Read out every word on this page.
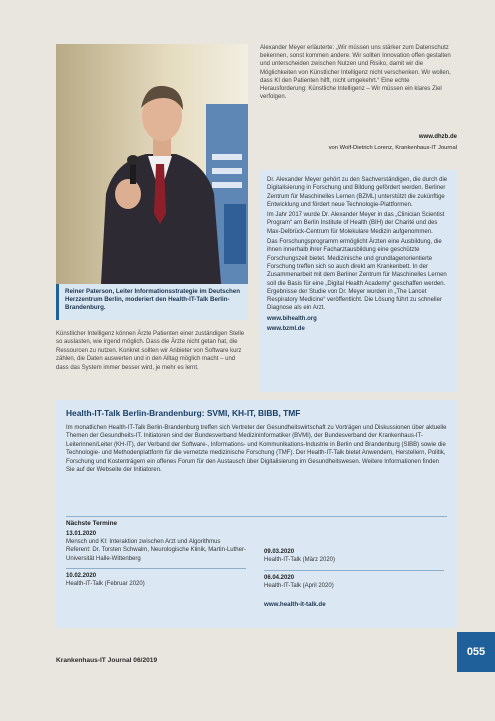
Reiner Paterson, Leiter Informationsstrategie im Deutschen Herzzentrum Berlin, moderiert den Health-IT-Talk Berlin-Brandenburg.

Künstlicher Intelligenz können Ärzte Patienten einer zuständigen Stelle so auslasten, wie irgend möglich. Dass die Ärzte nicht getan hat, die Ressourcen zu nutzen. Konkret sollten wir Anbieter von Software kurz zählen, die Daten auswerten und in den Alltag möglich macht – und dass das System immer besser wird, je mehr es lernt.
Alexander Meyer erläuterte: „Wir müssen uns stärker zum Datenschutz bekennen, sonst kommen andere. Wir sollten Innovation offen gestalten und unterscheiden zwischen Nutzen und Risiko, damit wir die Möglichkeiten von Künstlicher Intelligenz nicht verschenken. Wir wollen, dass KI den Patienten hilft, nicht umgekehrt.“ Eine echte Herausforderung: Künstliche Intelligenz – Wir müssen ein klares Ziel verfolgen.
www.dhzb.de
von Wolf-Dietrich Lorenz, Krankenhaus-IT Journal

Dr. Alexander Meyer gehört zu den Sachverständigen, die durch die Digitalisierung in Forschung und Bildung gefördert werden. Berliner Zentrum für Maschinelles Lernen (BZML) unterstützt die zukünftige Entwicklung und fördert neue Technologie-Plattformen.

Im Jahr 2017 wurde Dr. Alexander Meyer in das „Clinician Scientist Program“ am Berlin Institute of Health (BIH) der Charité und des Max-Delbrück-Centrum für Molekulare Medizin aufgenommen.

Das Forschungsprogramm ermöglicht Ärzten eine Ausbildung, die ihnen innerhalb ihrer Facharztausbildung eine geschützte Forschungszeit bietet. Medizinische und grundlagenorientierte Forschung treffen sich so auch direkt am Krankenbett. In der Zusammenarbeit mit dem Berliner Zentrum für Maschinelles Lernen soll die Basis für eine „Digital Health Academy“ geschaffen werden. Ergebnisse der Studie von Dr. Meyer wurden in „The Lancet Respiratory Medicine“ veröffentlicht. Die Lösung führt zu schneller Diagnose als ein Arzt.

www.bihealth.org

www.bzml.de

Health-IT-Talk Berlin-Brandenburg: SVMI, KH-IT, BIBB, TMF

Im monatlichen Health-IT-Talk Berlin-Brandenburg treffen sich Vertreter der Gesundheitswirtschaft zu Vorträgen und Diskussionen über aktuelle Themen der Gesundheits-IT. Initiatoren sind der Bundesverband Medizininformatiker (BVMI), der Bundesverband der Krankenhaus-IT-Leiterinnen/Leiter (KH-IT), der Verband der Software-, Informations- und Kommunikations-Industrie in Berlin und Brandenburg (SIBB) sowie die Technologie- und Methodenplattform für die vernetzte medizinische Forschung (TMF). Der Health-IT-Talk bietet Anwendern, Herstellern, Politik, Forschung und Kostenträgern ein offenes Forum für den Austausch über Digitalisierung im Gesundheitswesen. Weitere Informationen finden Sie auf der Webseite der Initiatoren.

Nächste Termine
13.01.2020
Mensch und KI: Interaktion zwischen Arzt und Algorithmus
Referent: Dr. Torsten Schwalm, Neurologische Klinik, Martin-Luther-Universität Halle-Wittenberg
10.02.2020
Health-IT-Talk (Februar 2020)
09.03.2020
Health-IT-Talk (März 2020)
06.04.2020
Health-IT-Talk (April 2020)
www.health-it-talk.de
Krankenhaus-IT Journal 06/2019
055
